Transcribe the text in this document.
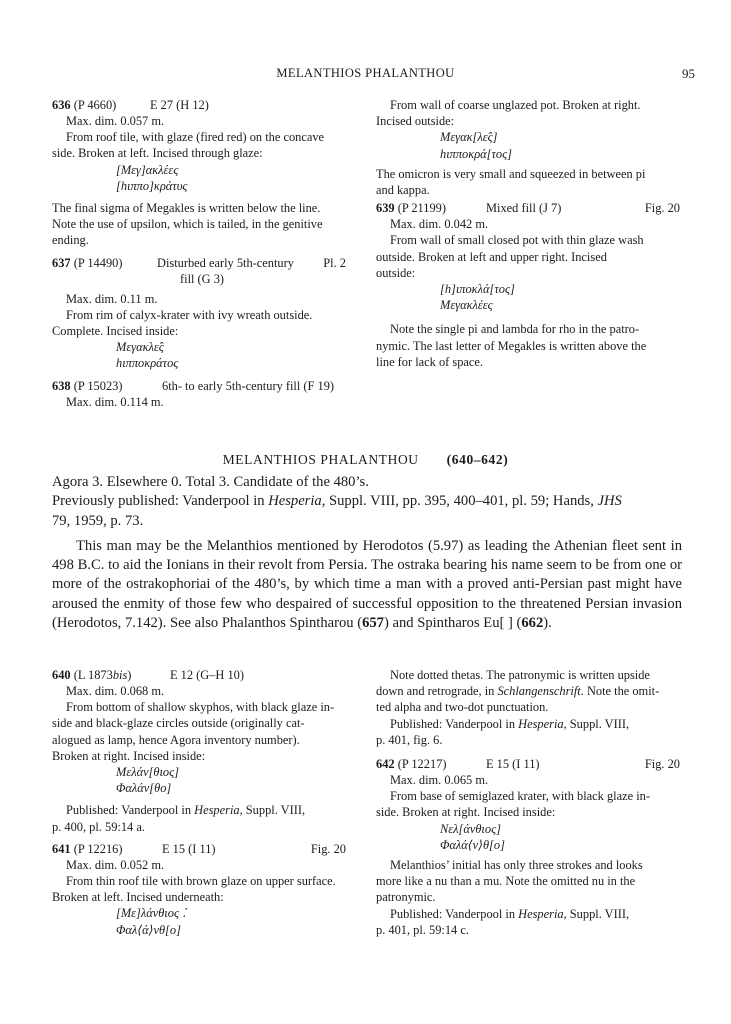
MELANTHIOS PHALANTHOU	95
636 (P 4660)	E 27 (H 12)

Max. dim. 0.057 m.

From roof tile, with glaze (fired red) on the concave

side. Broken at left. Incised through glaze:

[Μεγ]ακλέες

[hιππο]κράτυς

The final sigma of Megakles is written below the line.

Note the use of upsilon, which is tailed, in the genitive

ending.

637 (P 14490)	Disturbed early 5th-century Pl. 2
fill (G 3)

Max. dim. 0.11 m.

From rim of calyx-krater with ivy wreath outside.

Complete. Incised inside:

Μεγακλε̂ς

hιπποκράτος

638 (P 15023)	6th- to early 5th-century fill (F 19)

Max. dim. 0.114 m.

From wall of coarse unglazed pot. Broken at right.

Incised outside:

Μεγακ[λε̂ς]

hιπποκρά[τος]

The omicron is very small and squeezed in between pi

and kappa.

639 (P 21199)	Mixed fill (J 7)	Fig. 20

Max. dim. 0.042 m.

From wall of small closed pot with thin glaze wash

outside. Broken at left and upper right. Incised

outside:

[h]ιποκλά[τος]

Μεγακλέες

Note the single pi and lambda for rho in the patro-

nymic. The last letter of Megakles is written above the

line for lack of space.

MELANTHIOS PHALANTHOU (640–642)

Agora 3. Elsewhere 0. Total 3. Candidate of the 480’s.

Previously published: Vanderpool in Hesperia, Suppl. VIII, pp. 395, 400–401, pl. 59; Hands, JHS

79, 1959, p. 73.

This man may be the Melanthios mentioned by Herodotos (5.97) as leading the Athenian fleet sent in 498 B.C. to aid the Ionians in their revolt from Persia. The ostraka bearing his name seem to be from one or more of the ostrakophoriai of the 480’s, by which time a man with a proved anti-Persian past might have aroused the enmity of those few who despaired of successful opposition to the threatened Persian invasion (Herodotos, 7.142). See also Phalanthos Spintharou (657) and Spintharos Eu[ ] (662).

640 (L 1873bis)	E 12 (G–H 10)

Max. dim. 0.068 m.

From bottom of shallow skyphos, with black glaze in-

side and black-glaze circles outside (originally cat-

alogued as lamp, hence Agora inventory number).

Broken at right. Incised inside:

Μελάν[θιος]

Φαλάν[θο]

Published: Vanderpool in Hesperia, Suppl. VIII,

p. 400, pl. 59:14 a.

641 (P 12216)	E 15 (I 11)	Fig. 20

Max. dim. 0.052 m.

From thin roof tile with brown glaze on upper surface.

Broken at left. Incised underneath:

[Με]λάνθιος ⁚

Φαλ⟨ά⟩νθ[ο]

Note dotted thetas. The patronymic is written upside

down and retrograde, in Schlangenschrift. Note the omit-

ted alpha and two-dot punctuation.

Published: Vanderpool in Hesperia, Suppl. VIII,

p. 401, fig. 6.

642 (P 12217)	E 15 (I 11)	Fig. 20

Max. dim. 0.065 m.

From base of semiglazed krater, with black glaze in-

side. Broken at right. Incised inside:

Νελ[άνθιος]

Φαλά⟨ν⟩θ[ο]

Melanthios’ initial has only three strokes and looks

more like a nu than a mu. Note the omitted nu in the

patronymic.

Published: Vanderpool in Hesperia, Suppl. VIII,

p. 401, pl. 59:14 c.
